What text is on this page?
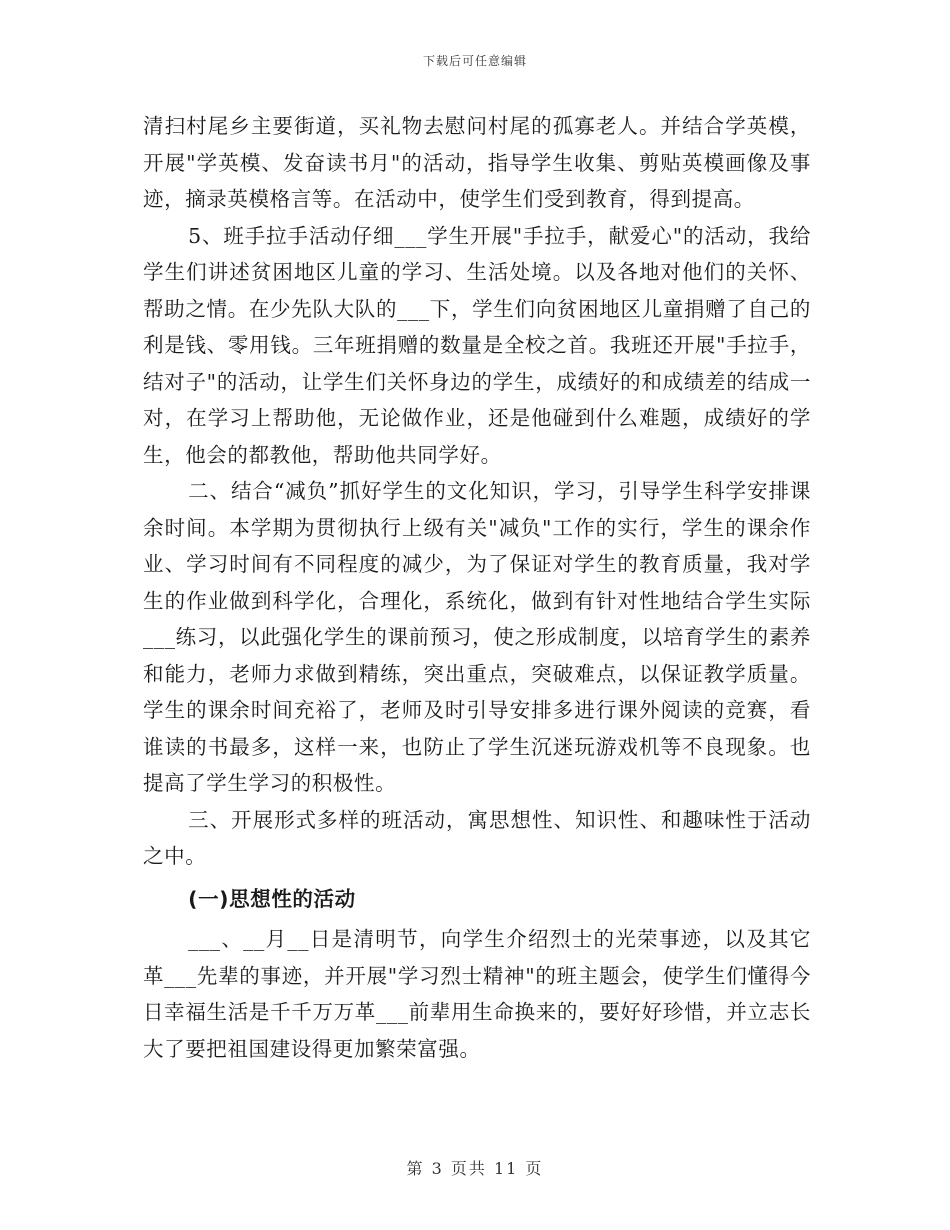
下载后可任意编辑

清扫村尾乡主要街道，买礼物去慰问村尾的孤寡老人。并结合学英模，开展"学英模、发奋读书月"的活动，指导学生收集、剪贴英模画像及事迹，摘录英模格言等。在活动中，使学生们受到教育，得到提高。

5、班手拉手活动仔细___学生开展"手拉手，献爱心"的活动，我给学生们讲述贫困地区儿童的学习、生活处境。以及各地对他们的关怀、帮助之情。在少先队大队的___下，学生们向贫困地区儿童捐赠了自己的利是钱、零用钱。三年班捐赠的数量是全校之首。我班还开展"手拉手，结对子"的活动，让学生们关怀身边的学生，成绩好的和成绩差的结成一对，在学习上帮助他，无论做作业，还是他碰到什么难题，成绩好的学生，他会的都教他，帮助他共同学好。

二、结合“减负”抓好学生的文化知识，学习，引导学生科学安排课余时间。本学期为贯彻执行上级有关"减负"工作的实行，学生的课余作业、学习时间有不同程度的减少，为了保证对学生的教育质量，我对学生的作业做到科学化，合理化，系统化，做到有针对性地结合学生实际___练习，以此强化学生的课前预习，使之形成制度，以培育学生的素养和能力，老师力求做到精练，突出重点，突破难点，以保证教学质量。学生的课余时间充裕了，老师及时引导安排多进行课外阅读的竞赛，看谁读的书最多，这样一来，也防止了学生沉迷玩游戏机等不良现象。也提高了学生学习的积极性。

三、开展形式多样的班活动，寓思想性、知识性、和趣味性于活动之中。

(一)思想性的活动

___、__月__日是清明节，向学生介绍烈士的光荣事迹，以及其它革___先辈的事迹，并开展"学习烈士精神"的班主题会，使学生们懂得今日幸福生活是千千万万革___前辈用生命换来的，要好好珍惜，并立志长大了要把祖国建设得更加繁荣富强。

第 3 页共 11 页
